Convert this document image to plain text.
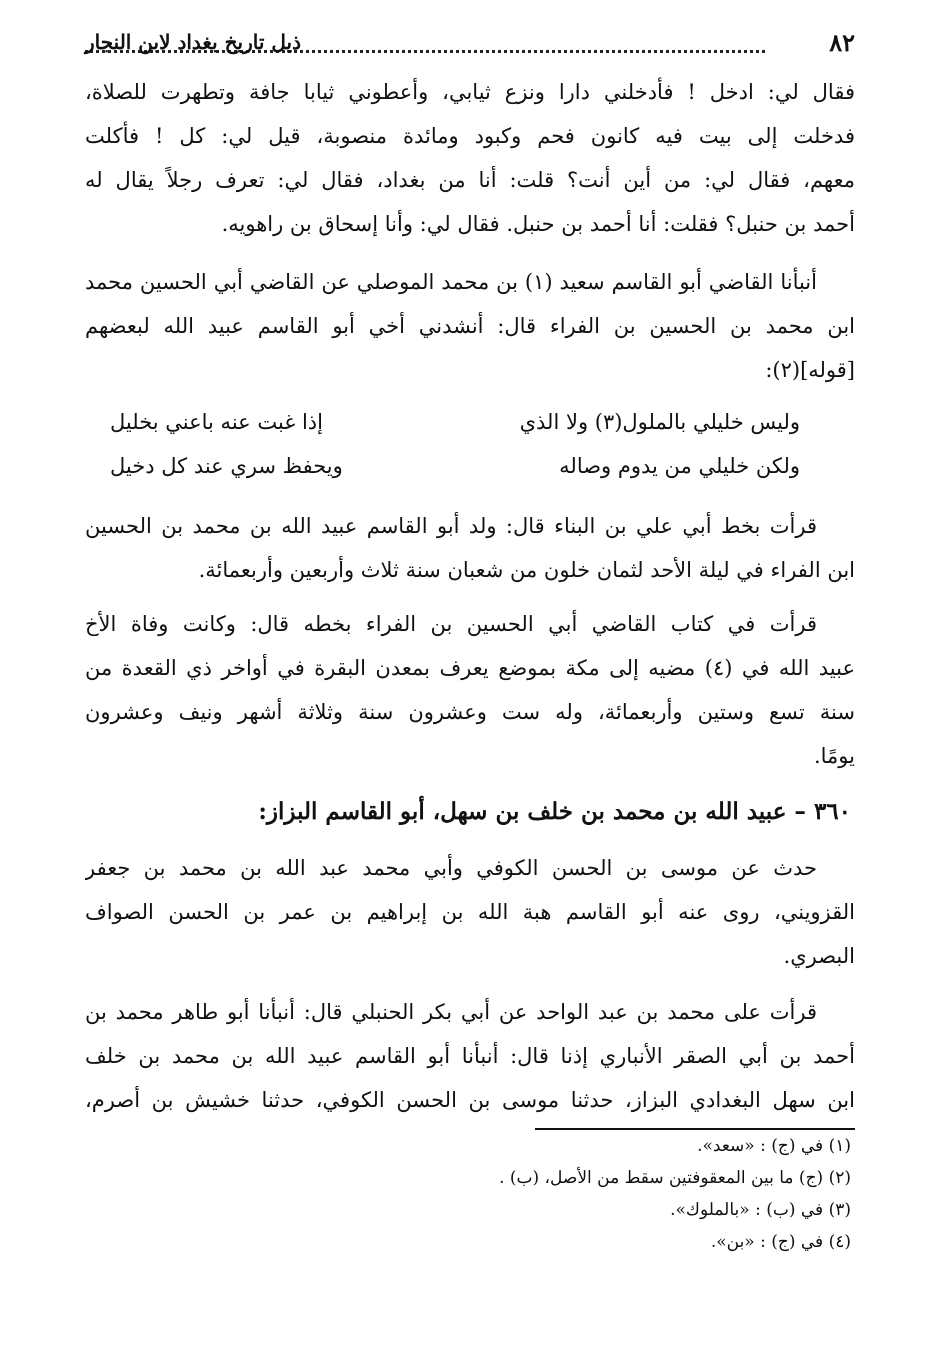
٨٢
ذيل تاريخ بغداد لابن النجار
فقال لي: ادخل ! فأدخلني دارا ونزع ثيابي، وأعطوني ثيابا جافة وتطهرت للصلاة،
فدخلت إلى بيت فيه كانون فحم وكبود ومائدة منصوبة، قيل لي: كل ! فأكلت
معهم، فقال لي: من أين أنت؟ قلت: أنا من بغداد، فقال لي: تعرف رجلاً يقال له
أحمد بن حنبل؟ فقلت: أنا أحمد بن حنبل. فقال لي: وأنا إسحاق بن راهويه.
أنبأنا القاضي أبو القاسم سعيد (١) بن محمد الموصلي عن القاضي أبي الحسين محمد
ابن محمد بن الحسين بن الفراء قال: أنشدني أخي أبو القاسم عبيد الله لبعضهم
[قوله](٢):
وليس خليلي بالملول(٣) ولا الذي
إذا غبت عنه باعني بخليل
ولكن خليلي من يدوم وصاله
ويحفظ سري عند كل دخيل
قرأت بخط أبي علي بن البناء قال: ولد أبو القاسم عبيد الله بن محمد بن الحسين
ابن الفراء في ليلة الأحد لثمان خلون من شعبان سنة ثلاث وأربعين وأربعمائة.
قرأت في كتاب القاضي أبي الحسين بن الفراء بخطه قال: وكانت وفاة الأخ
عبيد الله في (٤) مضيه إلى مكة بموضع يعرف بمعدن البقرة في أواخر ذي القعدة من
سنة تسع وستين وأربعمائة، وله ست وعشرون سنة وثلاثة أشهر ونيف وعشرون
يومًا.
٣٦٠ – عبيد الله بن محمد بن خلف بن سهل، أبو القاسم البزاز:
حدث عن موسى بن الحسن الكوفي وأبي محمد عبد الله بن محمد بن جعفر
القزويني، روى عنه أبو القاسم هبة الله بن إبراهيم بن عمر بن الحسن الصواف
البصري.
قرأت على محمد بن عبد الواحد عن أبي بكر الحنبلي قال: أنبأنا أبو طاهر محمد بن
أحمد بن أبي الصقر الأنباري إذنا قال: أنبأنا أبو القاسم عبيد الله بن محمد بن خلف
ابن سهل البغدادي البزاز، حدثنا موسى بن الحسن الكوفي، حدثنا خشيش بن أصرم،
(١) في (ج) : «سعد».
(٢) (ج) ما بين المعقوفتين سقط من الأصل، (ب) .
(٣) في (ب) : «بالملوك».
(٤) في (ج) : «بن».
